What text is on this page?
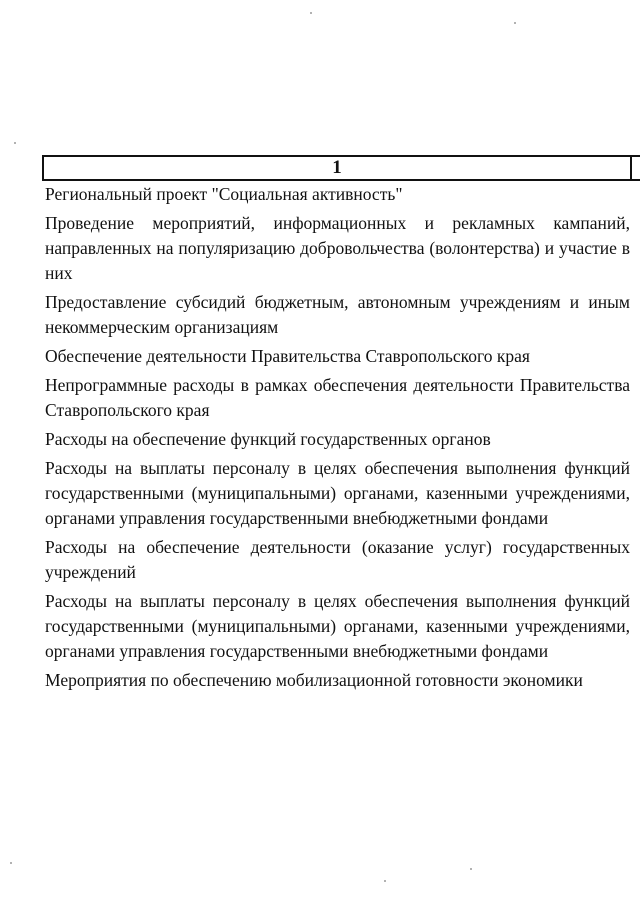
1

Региональный проект "Социальная активность"

Проведение мероприятий, информационных и рекламных кампаний, направленных на популяризацию добровольчества (волонтерства) и участие в них

Предоставление субсидий бюджетным, автономным учреждениям и иным некоммерческим организациям

Обеспечение деятельности Правительства Ставропольского края

Непрограммные расходы в рамках обеспечения деятельности Правительства Ставропольского края

Расходы на обеспечение функций государственных органов

Расходы на выплаты персоналу в целях обеспечения выполнения функций государственными (муниципальными) органами, казенными учреждениями, органами управления государственными внебюджетными фондами

Расходы на обеспечение деятельности (оказание услуг) государственных учреждений

Расходы на выплаты персоналу в целях обеспечения выполнения функций государственными (муниципальными) органами, казенными учреждениями, органами управления государственными внебюджетными фондами

Мероприятия по обеспечению мобилизационной готовности экономики
